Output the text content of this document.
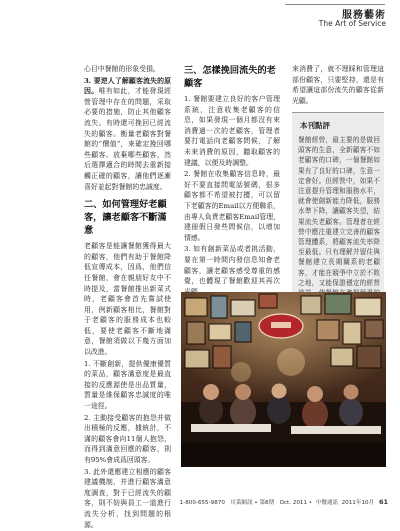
服務藝術
The Art of Service

心目中餐館的形象受損。

3. 要逆人了解顧客流失的原因。唯有如此，才能發現經營管理中存在的問題，采取必要的措施，防止其他顧客流失。有時還可挽回已經流失的顧客。衡量老顧客對餐館的“價值”，來確定挽回哪些顧客。放棄哪些顧客，然后選擇適合的時間去重新接觸正確的顧客，讓他們逐漸喜好並起對餐館的忠誠度。

二、如何管理好老顧客，讓老顧客不斷滿意

老顧客是能讓餐館獲得最大的顧客，他們有助于餐館降低宣傳成本，因爲，他們信任餐館，會在親朋好友中不時提及，當餐館推出新菜式時，老顧客會首先嘗試使用，例新顧客相比，餐館對于老顧客的服務成本也較低，要使老顧客不斷地滿意，餐館須做以下幾方面加以改進。

1. 不斷創新，提供優康優質的菜品，顧客滿意度是最直接的反應源使是出品質量，質量是維保顧客忠誠度的唯一途徑。

2. 主動接受顧客的抱怨并做出積極的反應，據統計，不滿的顧客會向11個人抱怨，而得到滿意回應的顧客，則有95%會成爲回頭客。

3. 此外還應建立相應的顧客建議機制，并進行顧客滿意度調查，對于已經流失的顧客，則不妨與員工一道進行流失分析，找到問題的根源。

三、怎樣挽回流失的老顧客

1. 餐館要建立良好的客户管理系統，注意收集老顧客的信息，如果發現一個月都沒有來消費過一次的老顧客，管理者要打電話向老顧客問候，了解未來消費的原因，聽取顧客的建議，以便及時調整。

2. 餐館在收集顧客信息時，最好不要直接問電話號碼，很多顧客都不希望被打擾，可以留下老顧客的Email以方便聯系，由專人負責老顧客Email管理，建冊假日發些問候信，以增加情感。

3. 如有創新菜品或者挑活動，要在第一時間内發信息知會老顧客，讓老顧客感受尊重的感覺，也體現了餐館歡迎其再次

來消費了，就不理睬和管理這部份顧客，只要堅持，還是有希望讓這部份流失的顧客從新光顧。

本刊點評
餐館經營，最主要的是做回頭客的生意，全新顧客不如老顧客的口碑，一個餐館如果有了良好的口碑，生意一定會好。但經營中，如果不注意提升管理和服務水平，就會使創新能力降低，服務水準下降，讓顧客失望，結果流失老顧客。管理者在經營中應注重建立完善的顧客管理體系，將顧客流失率降至最低。只有理解并留住與餐館建立長期關系的老顧客，才能在競爭中立於不敗之地，又能保證穩定的經營
1-800-655-9870 川菜網訊 • 第8期 Oct. 2011 •  中餐通訊 2011年10月 61
